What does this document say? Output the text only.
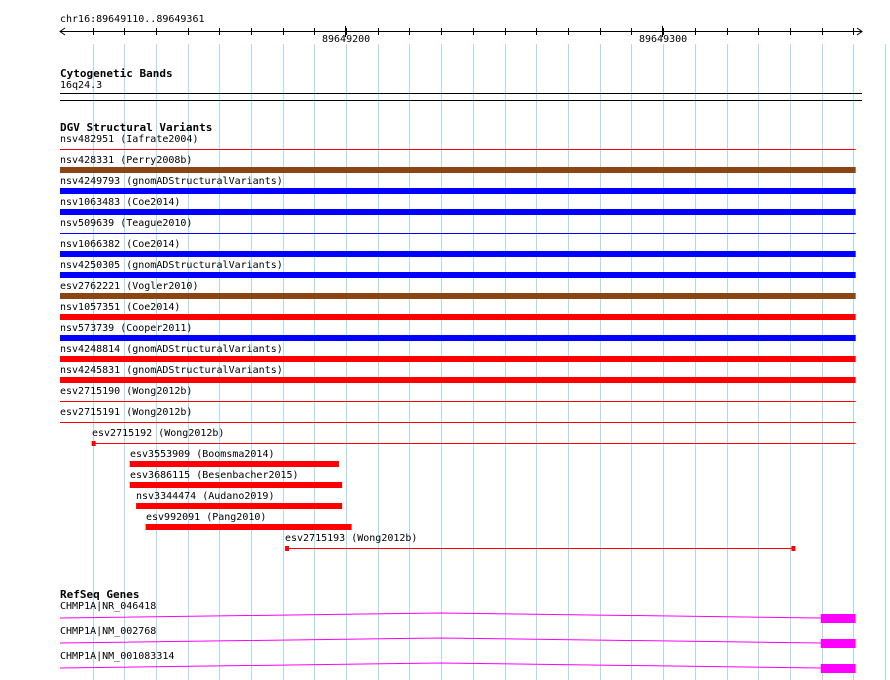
chr16:89649110..89649361
89649200	89649300
Cytogenetic Bands
16q24.3
DGV Structural Variants
nsv482951 (Iafrate2004)
nsv428331 (Perry2008b)
nsv4249793 (gnomADStructuralVariants)
nsv1063483 (Coe2014)
nsv509639 (Teague2010)
nsv1066382 (Coe2014)
nsv4250305 (gnomADStructuralVariants)
esv2762221 (Vogler2010)
nsv1057351 (Coe2014)
nsv573739 (Cooper2011)
nsv4248814 (gnomADStructuralVariants)
nsv4245831 (gnomADStructuralVariants)
esv2715190 (Wong2012b)
esv2715191 (Wong2012b)
esv2715192 (Wong2012b)
esv3553909 (Boomsma2014)
esv3686115 (Besenbacher2015)
nsv3344474 (Audano2019)
esv992091 (Pang2010)
esv2715193 (Wong2012b)
RefSeq Genes
CHMP1A|NR_046418
CHMP1A|NM_002768
CHMP1A|NM_001083314
